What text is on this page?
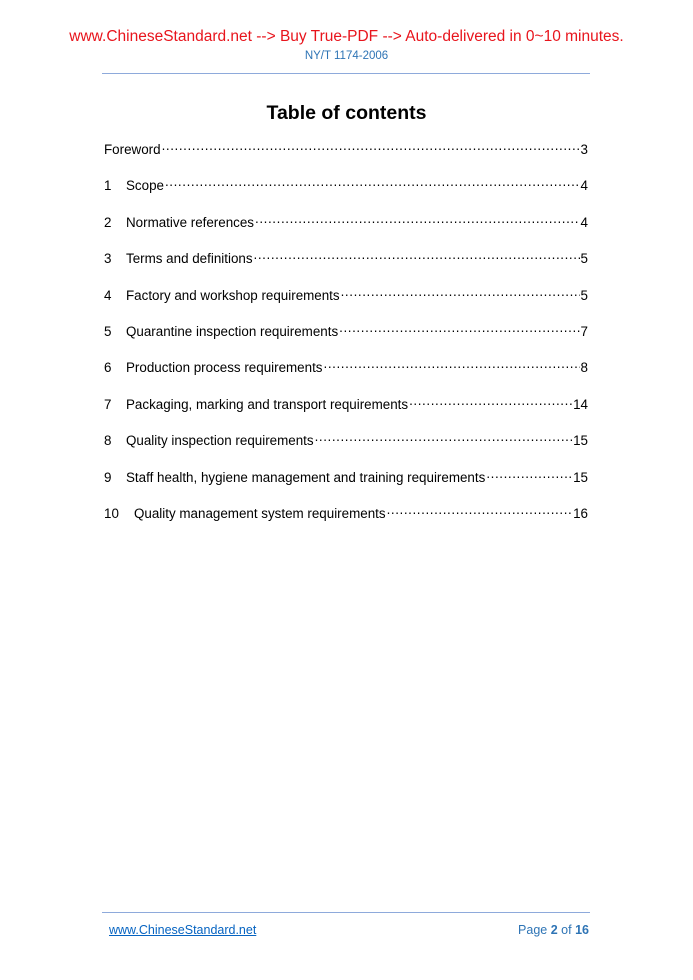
www.ChineseStandard.net --> Buy True-PDF --> Auto-delivered in 0~10 minutes.
NY/T 1174-2006
Table of contents
Foreword .....	3
1	Scope .....	4
2	Normative references .....	4
3	Terms and definitions .....	5
4	Factory and workshop requirements .....	5
5	Quarantine inspection requirements .....	7
6	Production process requirements .....	8
7	Packaging, marking and transport requirements .....	14
8	Quality inspection requirements .....	15
9	Staff health, hygiene management and training requirements .....	15
10	Quality management system requirements .....	16
www.ChineseStandard.net	Page 2 of 16
